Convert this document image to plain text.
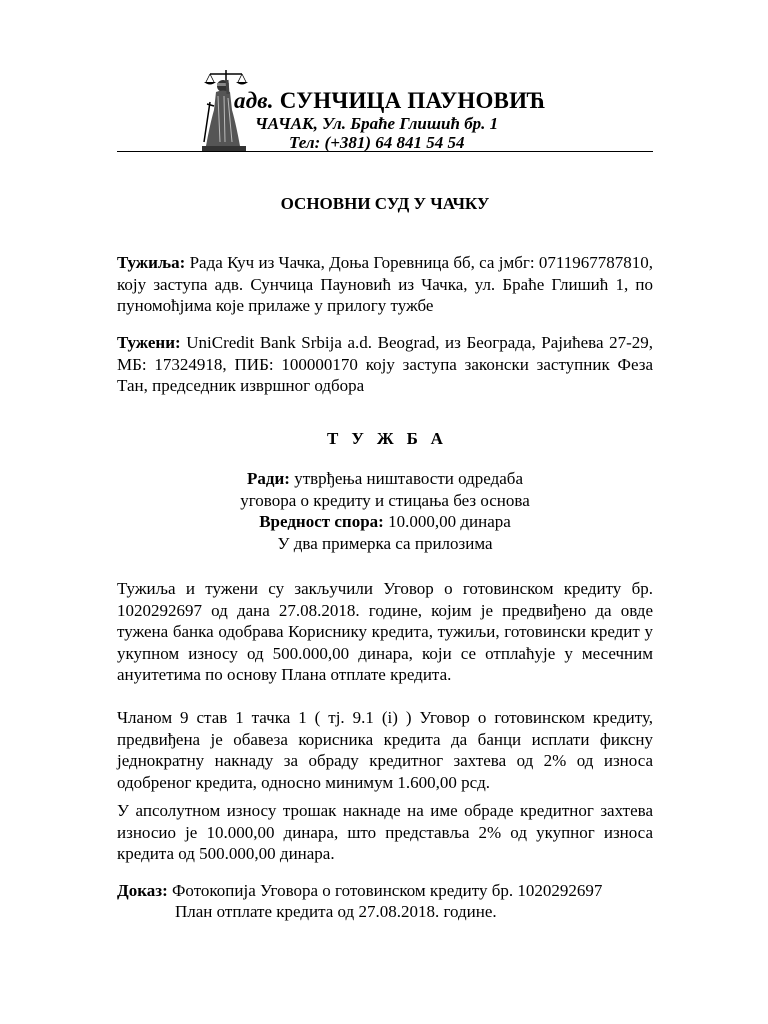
адв. СУНЧИЦА ПАУНОВИЋ
ЧАЧАК, Ул. Браће Глишић бр. 1
Тел: (+381) 64 841 54 54
ОСНОВНИ СУД У ЧАЧКУ
Тужиља: Рада Куч из Чачка, Доња Горевница бб, са јмбг: 0711967787810, коју заступа адв. Сунчица Пауновић из Чачка, ул. Браће Глишић 1, по пуномоћјима које прилаже у прилогу тужбе
Тужени: UniCredit Bank Srbija a.d. Beograd, из Београда, Рајићева 27-29, МБ: 17324918, ПИБ: 100000170 коју заступа законски заступник Феза Тан, председник извршног одбора
ТУЖБА
Ради: утврђења ништавости одредаба
уговора о кредиту и стицања без основа
Вредност спора: 10.000,00 динара
У два примерка са прилозима
Тужиља и тужени су закључили Уговор о готовинском кредиту бр. 1020292697 од дана 27.08.2018. године, којим је предвиђено да овде тужена банка одобрава Кориснику кредита, тужиљи, готовински кредит у укупном износу од 500.000,00 динара, који се отплаћује у месечним ануитетима по основу Плана отплате кредита.
Чланом 9 став 1 тачка 1 ( тј. 9.1 (i) ) Уговор о готовинском кредиту, предвиђена је обавеза корисника кредита да банци исплати фиксну једнократну накнаду за обраду кредитног захтева од 2% од износа одобреног кредита, односно минимум 1.600,00 рсд.
У апсолутном износу трошак накнаде на име обраде кредитног захтева износио је 10.000,00 динара, што представља 2% од укупног износа кредита од 500.000,00 динара.
Доказ: Фотокопија Уговора о готовинском кредиту бр. 1020292697
План отплате кредита од 27.08.2018. године.
